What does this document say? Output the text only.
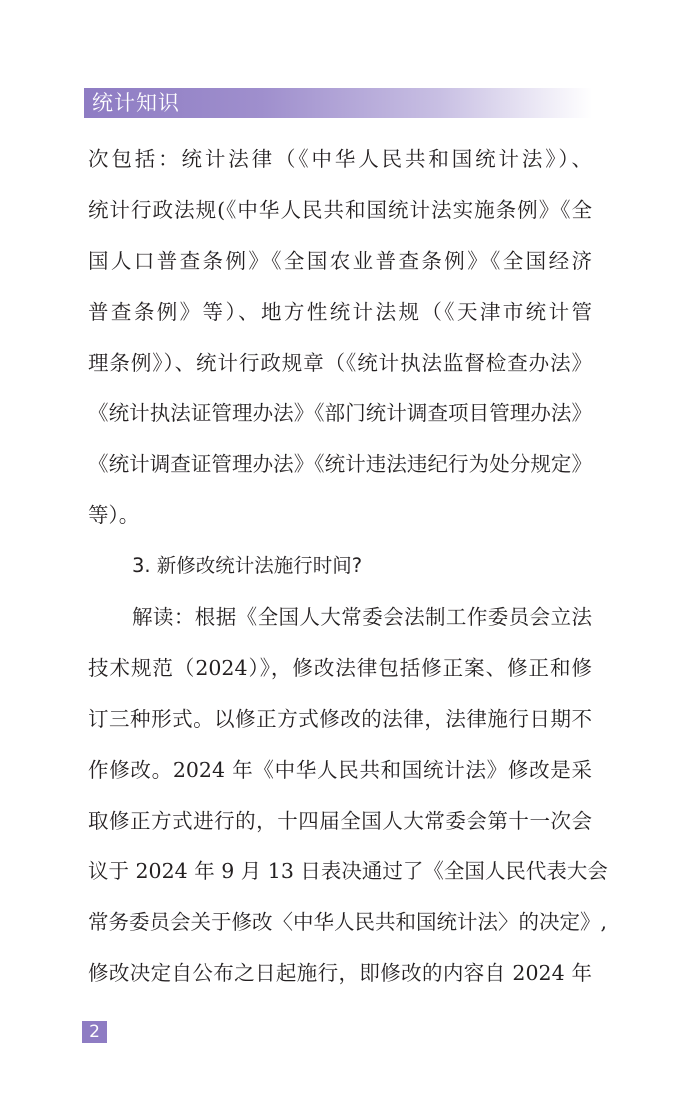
统计知识
次包括：统计法律（《中华人民共和国统计法》）、
统计行政法规(《中华人民共和国统计法实施条例》《全
国人口普查条例》《全国农业普查条例》《全国经济
普查条例》等）、地方性统计法规（《天津市统计管
理条例》）、统计行政规章（《统计执法监督检查办法》
《统计执法证管理办法》《部门统计调查项目管理办法》
《统计调查证管理办法》《统计违法违纪行为处分规定》
等）。
3. 新修改统计法施行时间?
解读：根据《全国人大常委会法制工作委员会立法
技术规范（2024）》，修改法律包括修正案、修正和修
订三种形式。以修正方式修改的法律，法律施行日期不
作修改。2024 年《中华人民共和国统计法》修改是采
取修正方式进行的，十四届全国人大常委会第十一次会
议于 2024 年 9 月 13 日表决通过了《全国人民代表大会
常务委员会关于修改〈中华人民共和国统计法〉的决定》,
修改决定自公布之日起施行，即修改的内容自 2024 年
2
